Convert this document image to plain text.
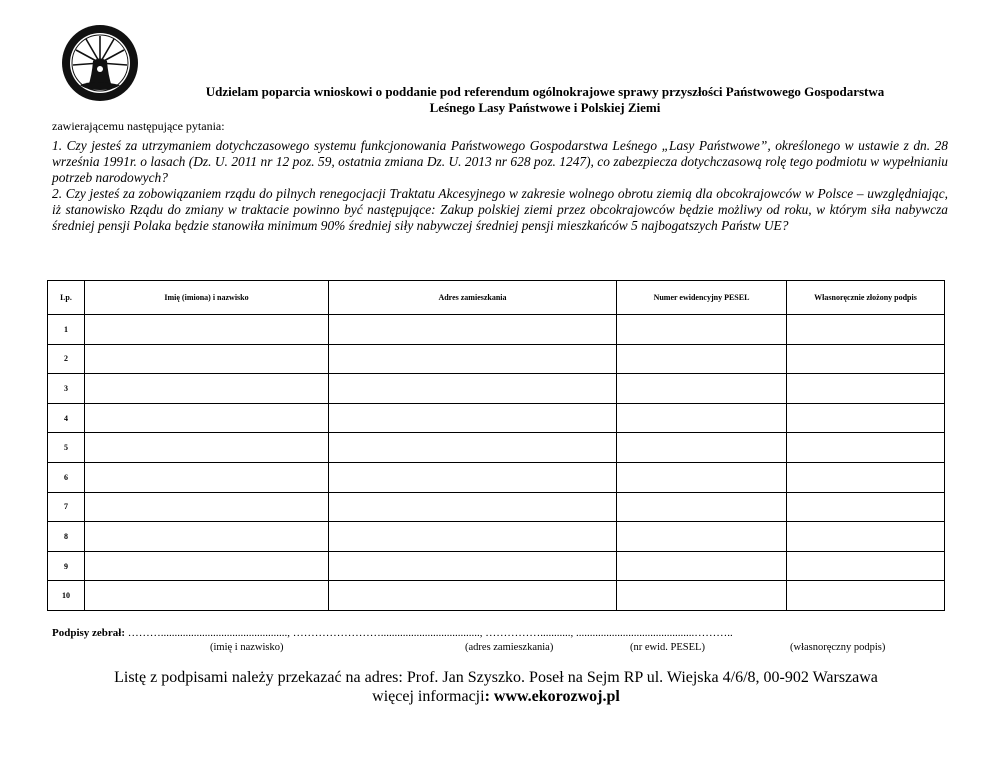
Udzielam poparcia wnioskowi o poddanie pod referendum ogólnokrajowe sprawy przyszłości Państwowego Gospodarstwa
Leśnego Lasy Państwowe i Polskiej Ziemi
zawierającemu następujące pytania:

1. Czy jesteś za utrzymaniem dotychczasowego systemu funkcjonowania Państwowego Gospodarstwa Leśnego „Lasy Państwowe”, określonego w ustawie z dn. 28 września 1991r. o lasach (Dz. U. 2011 nr 12 poz. 59, ostatnia zmiana Dz. U. 2013 nr 628 poz. 1247), co zabezpiecza dotychczasową rolę tego podmiotu w wypełnianiu potrzeb narodowych?

2. Czy jesteś za zobowiązaniem rządu do pilnych renegocjacji Traktatu Akcesyjnego w zakresie wolnego obrotu ziemią dla obcokrajowców w Polsce – uwzględniając, iż stanowisko Rządu do zmiany w traktacie powinno być następujące: Zakup polskiej ziemi przez obcokrajowców będzie możliwy od roku, w którym siła nabywcza średniej pensji Polaka będzie stanowiła minimum 90% średniej siły nabywczej średniej pensji mieszkańców 5 najbogatszych Państw UE?

Lp.	Imię (imiona) i nazwisko	Adres zamieszkania	Numer ewidencyjny PESEL	Własnoręcznie złożony podpis
1				
2				
3				
4				
5				
6				
7				
8				
9				
10				
Podpisy zebrał: ……….............................................., ……………………...................................., ……………..........., ...........................................………..
(imię i nazwisko)	(adres zamieszkania)	(nr ewid. PESEL)	(własnoręczny podpis)
Listę z podpisami należy przekazać na adres: Prof. Jan Szyszko. Poseł na Sejm RP ul. Wiejska 4/6/8, 00-902 Warszawa
więcej informacji: www.ekorozwoj.pl
